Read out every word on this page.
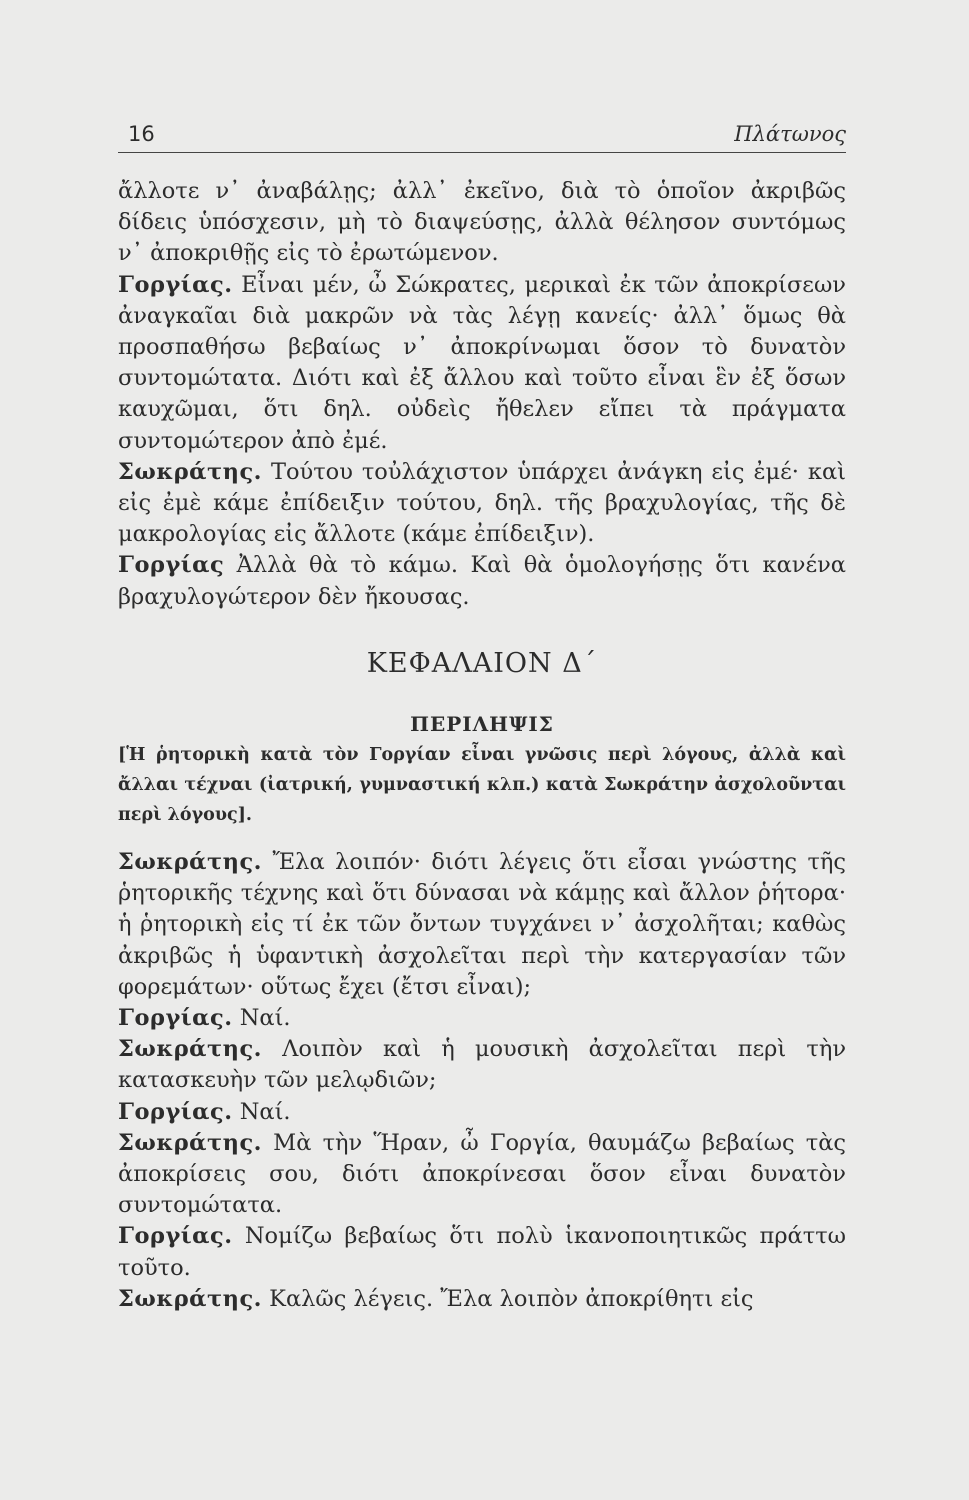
16	Πλάτωνος

ἄλλοτε ν᾽ ἀναβάλῃς; ἀλλ᾽ ἐκεῖνο, διὰ τὸ ὁποῖον ἀκριβῶς δίδεις ὑπόσχεσιν, μὴ τὸ διαψεύσῃς, ἀλλὰ θέλησον συντόμως ν᾽ ἀποκριθῇς εἰς τὸ ἐρωτώμενον.

Γοργίας. Εἶναι μέν, ὦ Σώκρατες, μερικαὶ ἐκ τῶν ἀποκρίσεων ἀναγκαῖαι διὰ μακρῶν νὰ τὰς λέγῃ κανείς· ἀλλ᾽ ὅμως θὰ προσπαθήσω βεβαίως ν᾽ ἀποκρίνωμαι ὅσον τὸ δυνατὸν συντομώτατα. Διότι καὶ ἐξ ἄλλου καὶ τοῦτο εἶναι ἓν ἐξ ὅσων καυχῶμαι, ὅτι δηλ. οὐδεὶς ἤθελεν εἴπει τὰ πράγματα συντομώτερον ἀπὸ ἐμέ.

Σωκράτης. Τούτου τοὐλάχιστον ὑπάρχει ἀνάγκη εἰς ἐμέ· καὶ εἰς ἐμὲ κάμε ἐπίδειξιν τούτου, δηλ. τῆς βραχυλογίας, τῆς δὲ μακρολογίας εἰς ἄλλοτε (κάμε ἐπίδειξιν).

Γοργίας Ἀλλὰ θὰ τὸ κάμω. Καὶ θὰ ὁμολογήσῃς ὅτι κανένα βραχυλογώτερον δὲν ἤκουσας.

ΚΕΦΑΛΑΙΟΝ Δ΄
ΠΕΡΙΛΗΨΙΣ
[Ἡ ῥητορικὴ κατὰ τὸν Γοργίαν εἶναι γνῶσις περὶ λόγους, ἀλλὰ καὶ ἄλλαι τέχναι (ἰατρική, γυμναστική κλπ.) κατὰ Σωκράτην ἀσχολοῦνται περὶ λόγους].

Σωκράτης. Ἔλα λοιπόν· διότι λέγεις ὅτι εἶσαι γνώστης τῆς ῥητορικῆς τέχνης καὶ ὅτι δύνασαι νὰ κάμῃς καὶ ἄλλον ῥήτορα· ἡ ῥητορικὴ εἰς τί ἐκ τῶν ὄντων τυγχάνει ν᾽ ἀσχολῆται; καθὼς ἀκριβῶς ἡ ὑφαντικὴ ἀσχολεῖται περὶ τὴν κατεργασίαν τῶν φορεμάτων· οὕτως ἔχει (ἔτσι εἶναι);

Γοργίας. Ναί.

Σωκράτης. Λοιπὸν καὶ ἡ μουσικὴ ἀσχολεῖται περὶ τὴν κατασκευὴν τῶν μελῳδιῶν;

Γοργίας. Ναί.

Σωκράτης. Μὰ τὴν Ἥραν, ὦ Γοργία, θαυμάζω βεβαίως τὰς ἀποκρίσεις σου, διότι ἀποκρίνεσαι ὅσον εἶναι δυνατὸν συντομώτατα.

Γοργίας. Νομίζω βεβαίως ὅτι πολὺ ἱκανοποιητικῶς πράττω τοῦτο.

Σωκράτης. Καλῶς λέγεις. Ἔλα λοιπὸν ἀποκρίθητι εἰς
